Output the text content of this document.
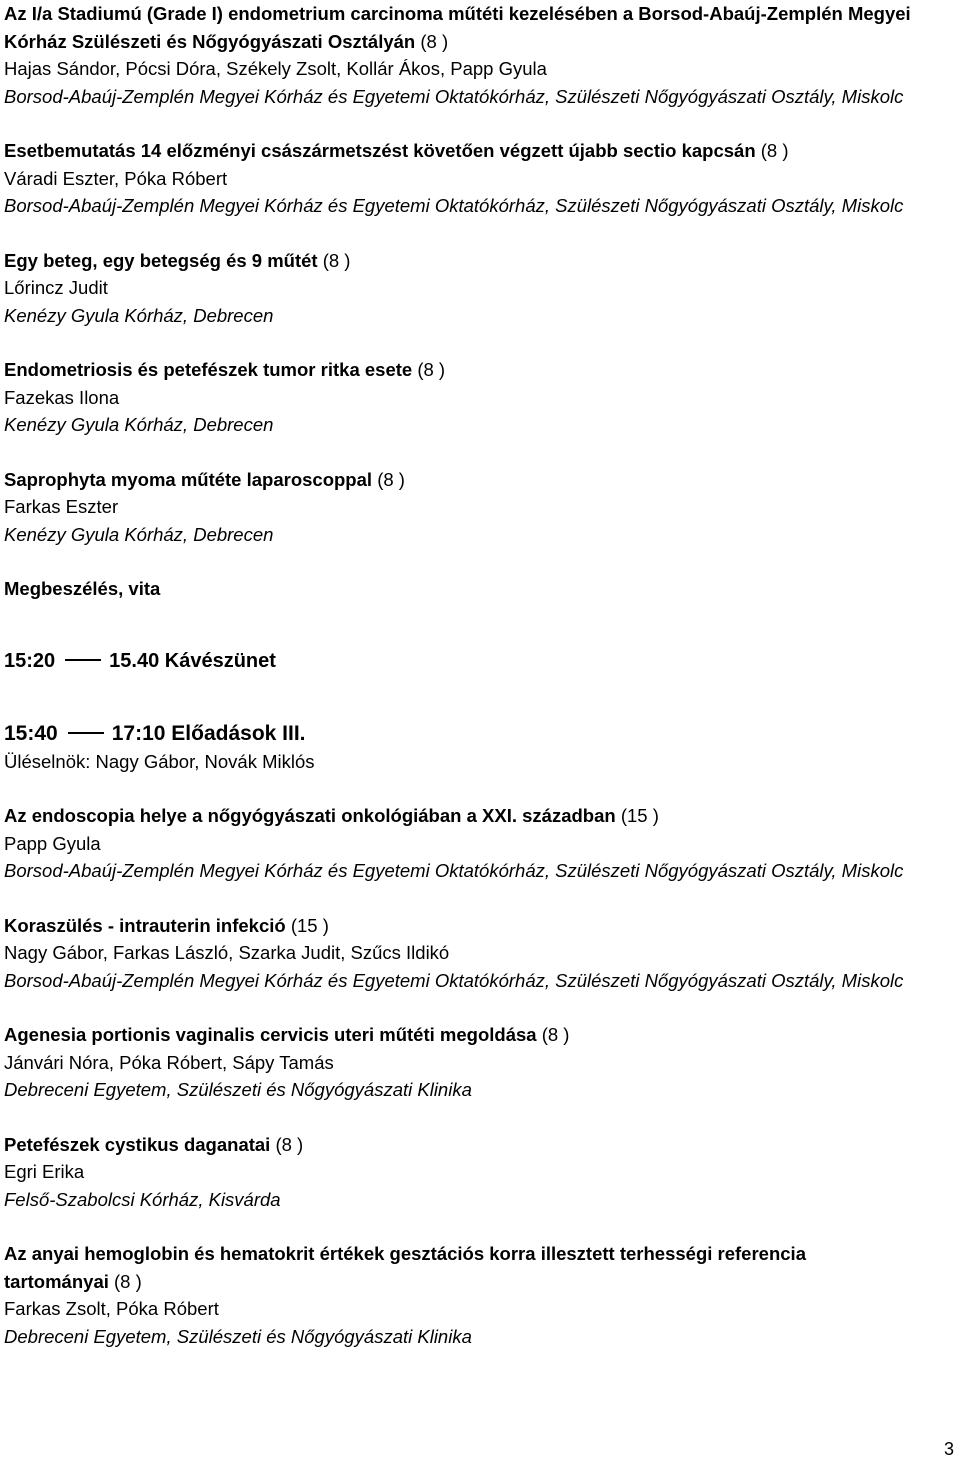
Az I/a Stadiumú (Grade I) endometrium carcinoma műtéti kezelésében a Borsod-Abaúj-Zemplén Megyei Kórház Szülészeti és Nőgyógyászati Osztályán (8 )

Hajas Sándor, Pócsi Dóra, Székely Zsolt, Kollár Ákos, Papp Gyula

Borsod-Abaúj-Zemplén Megyei Kórház és Egyetemi Oktatókórház, Szülészeti Nőgyógyászati Osztály, Miskolc

Esetbemutatás 14 előzményi császármetszést követően végzett újabb sectio kapcsán (8 )

Váradi Eszter, Póka Róbert

Borsod-Abaúj-Zemplén Megyei Kórház és Egyetemi Oktatókórház, Szülészeti Nőgyógyászati Osztály, Miskolc

Egy beteg, egy betegség és 9 műtét (8 )

Lőrincz Judit

Kenézy Gyula Kórház, Debrecen

Endometriosis és petefészek tumor ritka esete (8 )

Fazekas Ilona

Kenézy Gyula Kórház, Debrecen

Saprophyta myoma műtéte laparoscoppal (8 )

Farkas Eszter

Kenézy Gyula Kórház, Debrecen

Megbeszélés, vita

15:20	15.40 Kávészünet

15:40	17:10 Előadások III.

Üléselnök: Nagy Gábor, Novák Miklós

Az endoscopia helye a nőgyógyászati onkológiában a XXI. században (15 )

Papp Gyula

Borsod-Abaúj-Zemplén Megyei Kórház és Egyetemi Oktatókórház, Szülészeti Nőgyógyászati Osztály, Miskolc

Koraszülés - intrauterin infekció (15 )

Nagy Gábor, Farkas László, Szarka Judit, Szűcs Ildikó

Borsod-Abaúj-Zemplén Megyei Kórház és Egyetemi Oktatókórház, Szülészeti Nőgyógyászati Osztály, Miskolc

Agenesia portionis vaginalis cervicis uteri műtéti megoldása (8 )

Jánvári Nóra, Póka Róbert, Sápy Tamás

Debreceni Egyetem, Szülészeti és Nőgyógyászati Klinika

Petefészek cystikus daganatai (8 )

Egri Erika

Felső-Szabolcsi Kórház, Kisvárda

Az anyai hemoglobin és hematokrit értékek gesztációs korra illesztett terhességi referencia tartományai (8 )

Farkas Zsolt, Póka Róbert

Debreceni Egyetem, Szülészeti és Nőgyógyászati Klinika

3
